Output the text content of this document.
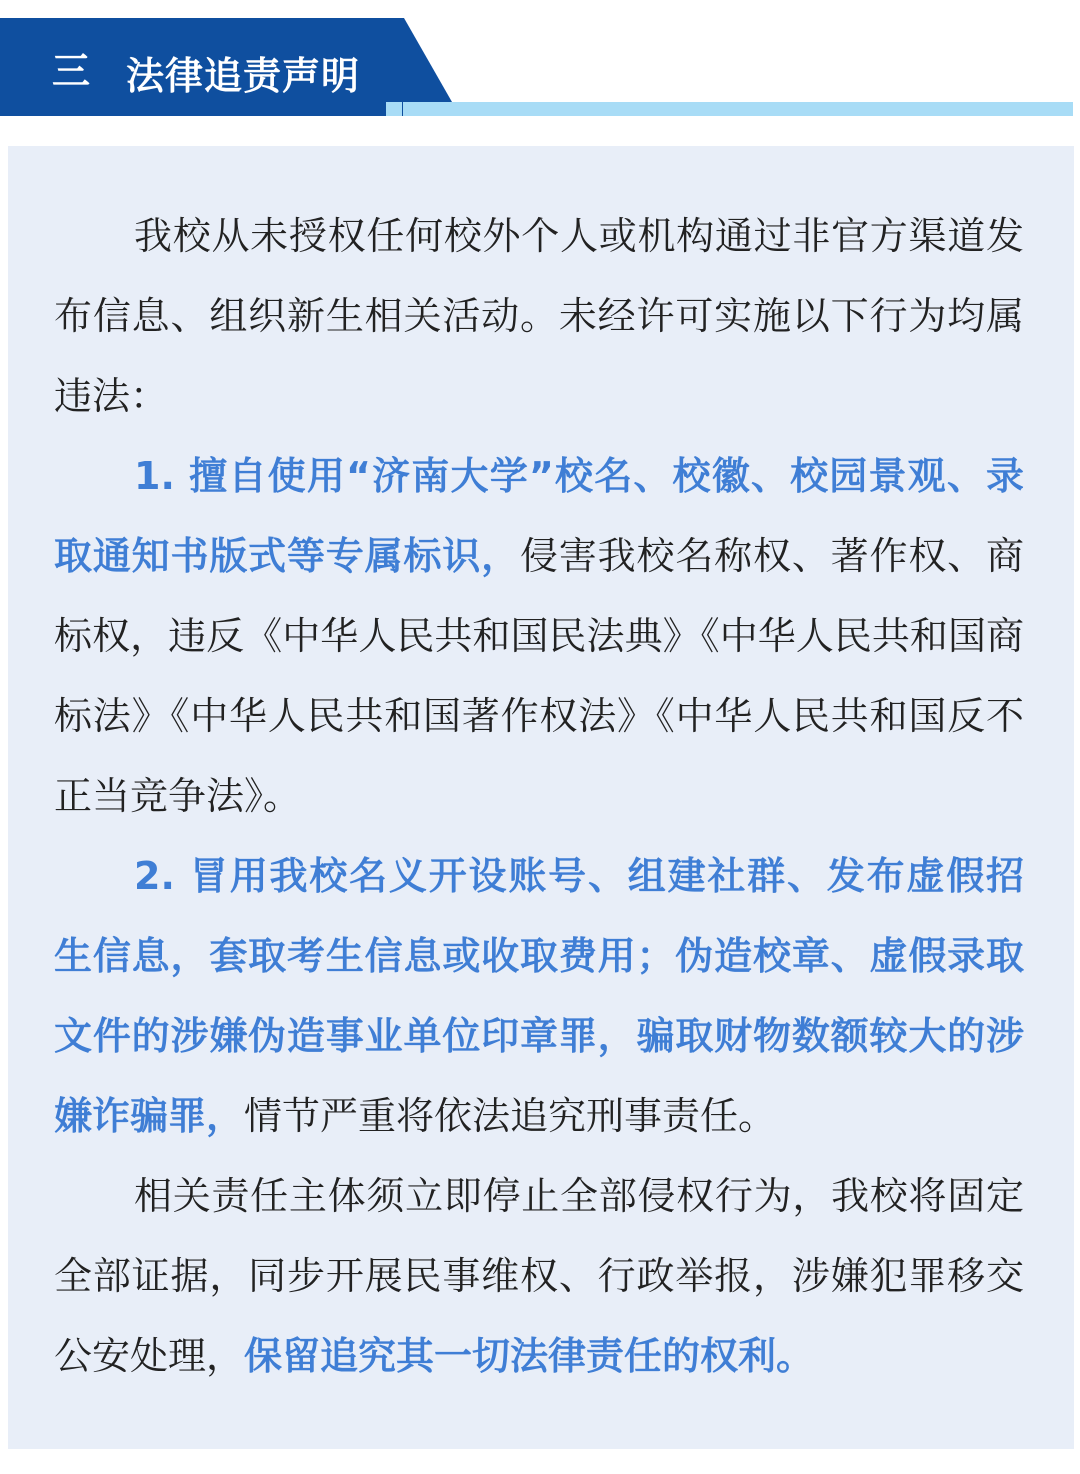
三 法律追责声明

我校从未授权任何校外个人或机构通过非官方渠道发布信息、组织新生相关活动。未经许可实施以下行为均属违法：

1. 擅自使用“济南大学”校名、校徽、校园景观、录取通知书版式等专属标识，侵害我校名称权、著作权、商标权，违反《中华人民共和国民法典》《中华人民共和国商标法》《中华人民共和国著作权法》《中华人民共和国反不正当竞争法》。

2. 冒用我校名义开设账号、组建社群、发布虚假招生信息，套取考生信息或收取费用；伪造校章、虚假录取文件的涉嫌伪造事业单位印章罪，骗取财物数额较大的涉嫌诈骗罪，情节严重将依法追究刑事责任。

相关责任主体须立即停止全部侵权行为，我校将固定全部证据，同步开展民事维权、行政举报，涉嫌犯罪移交公安处理，保留追究其一切法律责任的权利。
